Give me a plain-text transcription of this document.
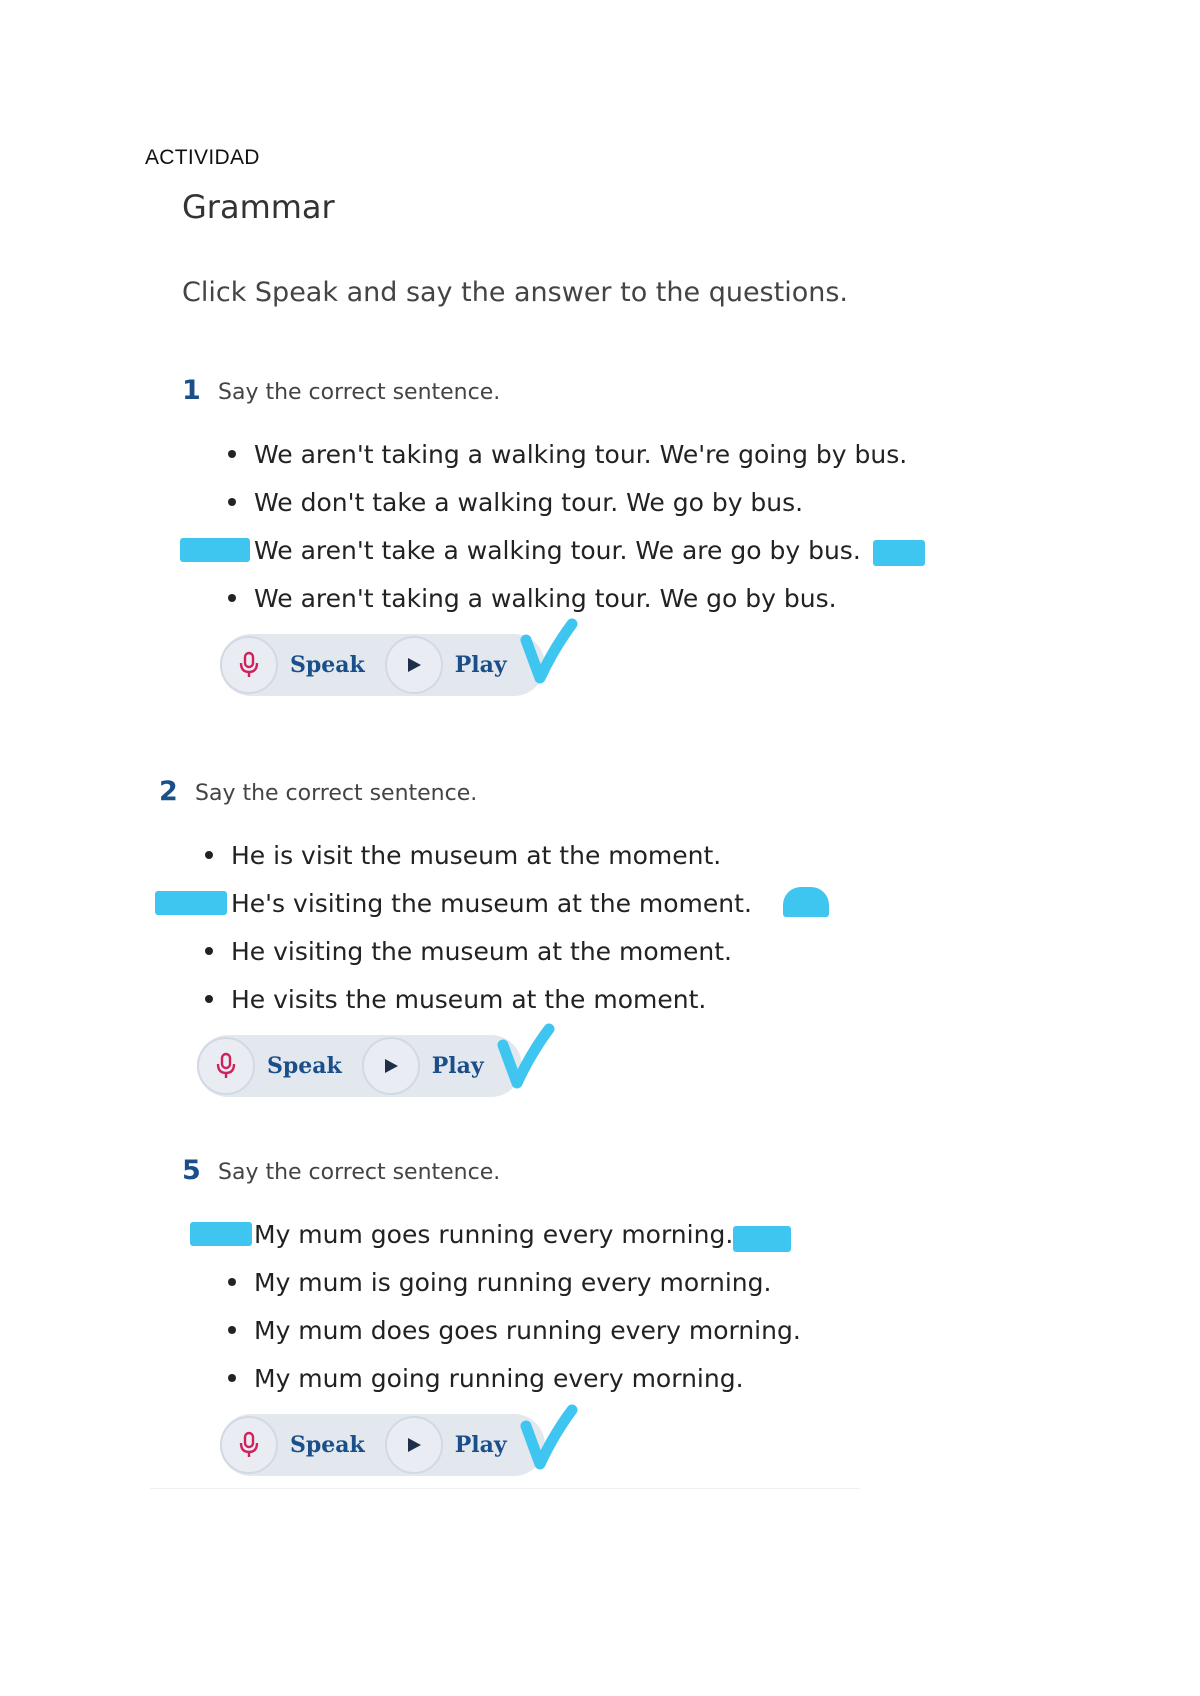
ACTIVIDAD
Grammar
Click Speak and say the answer to the questions.
1 Say the correct sentence.
We aren't taking a walking tour. We're going by bus.
We don't take a walking tour. We go by bus.
We aren't take a walking tour. We are go by bus.
We aren't taking a walking tour. We go by bus.
Speak	Play
2 Say the correct sentence.
He is visit the museum at the moment.
He's visiting the museum at the moment.
He visiting the museum at the moment.
He visits the museum at the moment.
Speak	Play
5 Say the correct sentence.
My mum goes running every morning.
My mum is going running every morning.
My mum does goes running every morning.
My mum going running every morning.
Speak	Play
